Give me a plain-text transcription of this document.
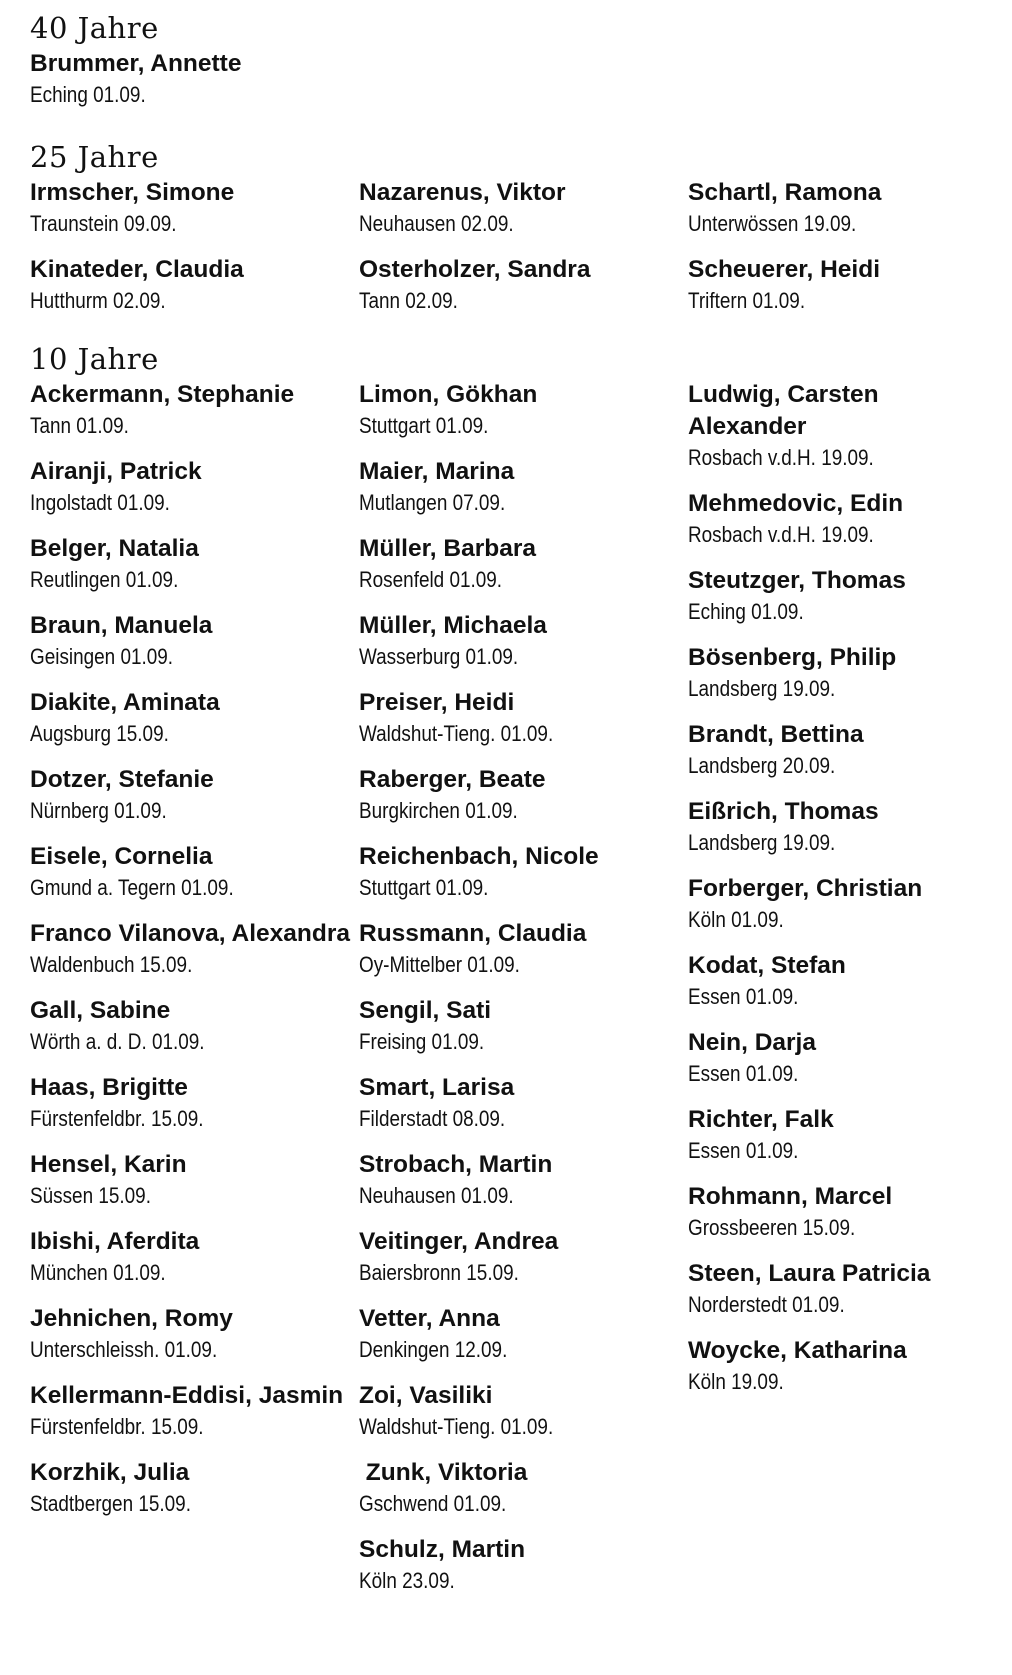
40 Jahre
Brummer, Annette
Eching 01.09.
25 Jahre
Irmscher, Simone
Traunstein 09.09.
Kinateder, Claudia
Hutthurm 02.09.
Nazarenus, Viktor
Neuhausen 02.09.
Osterholzer, Sandra
Tann 02.09.
Schartl, Ramona
Unterwössen 19.09.
Scheuerer, Heidi
Triftern 01.09.
10 Jahre
Ackermann, Stephanie
Tann 01.09.
Airanji, Patrick
Ingolstadt 01.09.
Belger, Natalia
Reutlingen 01.09.
Braun, Manuela
Geisingen 01.09.
Diakite, Aminata
Augsburg 15.09.
Dotzer, Stefanie
Nürnberg 01.09.
Eisele, Cornelia
Gmund a. Tegern 01.09.
Franco Vilanova, Alexandra
Waldenbuch 15.09.
Gall, Sabine
Wörth a. d. D. 01.09.
Haas, Brigitte
Fürstenfeldbr. 15.09.
Hensel, Karin
Süssen 15.09.
Ibishi, Aferdita
München 01.09.
Jehnichen, Romy
Unterschleissh. 01.09.
Kellermann-Eddisi, Jasmin
Fürstenfeldbr. 15.09.
Korzhik, Julia
Stadtbergen 15.09.
Limon, Gökhan
Stuttgart 01.09.
Maier, Marina
Mutlangen 07.09.
Müller, Barbara
Rosenfeld 01.09.
Müller, Michaela
Wasserburg 01.09.
Preiser, Heidi
Waldshut-Tieng. 01.09.
Raberger, Beate
Burgkirchen 01.09.
Reichenbach, Nicole
Stuttgart 01.09.
Russmann, Claudia
Oy-Mittelber 01.09.
Sengil, Sati
Freising 01.09.
Smart, Larisa
Filderstadt 08.09.
Strobach, Martin
Neuhausen 01.09.
Veitinger, Andrea
Baiersbronn 15.09.
Vetter, Anna
Denkingen 12.09.
Zoi, Vasiliki
Waldshut-Tieng. 01.09.
Zunk, Viktoria
Gschwend 01.09.
Schulz, Martin
Köln 23.09.
Ludwig, Carsten Alexander
Rosbach v.d.H. 19.09.
Mehmedovic, Edin
Rosbach v.d.H. 19.09.
Steutzger, Thomas
Eching 01.09.
Bösenberg, Philip
Landsberg 19.09.
Brandt, Bettina
Landsberg 20.09.
Eißrich, Thomas
Landsberg 19.09.
Forberger, Christian
Köln 01.09.
Kodat, Stefan
Essen 01.09.
Nein, Darja
Essen 01.09.
Richter, Falk
Essen 01.09.
Rohmann, Marcel
Grossbeeren 15.09.
Steen, Laura Patricia
Norderstedt 01.09.
Woycke, Katharina
Köln 19.09.
